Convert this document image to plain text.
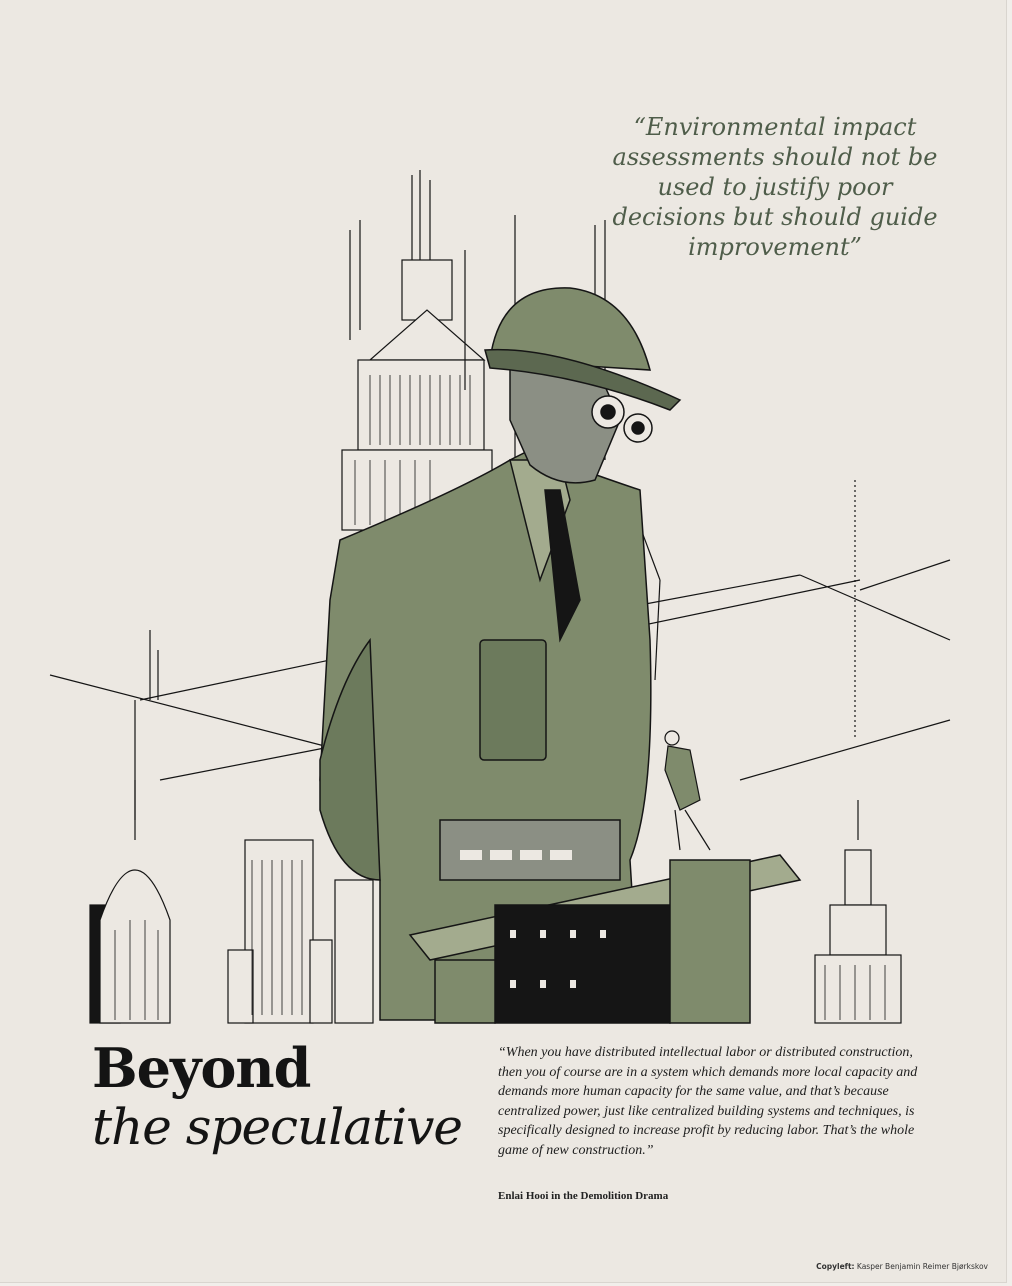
“Environmental impact assessments should not be used to justify poor decisions but should guide improvement”
Beyond
the speculative
“When you have distributed intellectual labor or distributed construction, then you of course are in a system which demands more local capacity and demands more human capacity for the same value, and that’s because centralized power, just like centralized building systems and techniques, is specifically designed to increase profit by reducing labor. That’s the whole game of new construction.”
Enlai Hooi in the Demolition Drama
Copyleft: Kasper Benjamin Reimer Bjørkskov
